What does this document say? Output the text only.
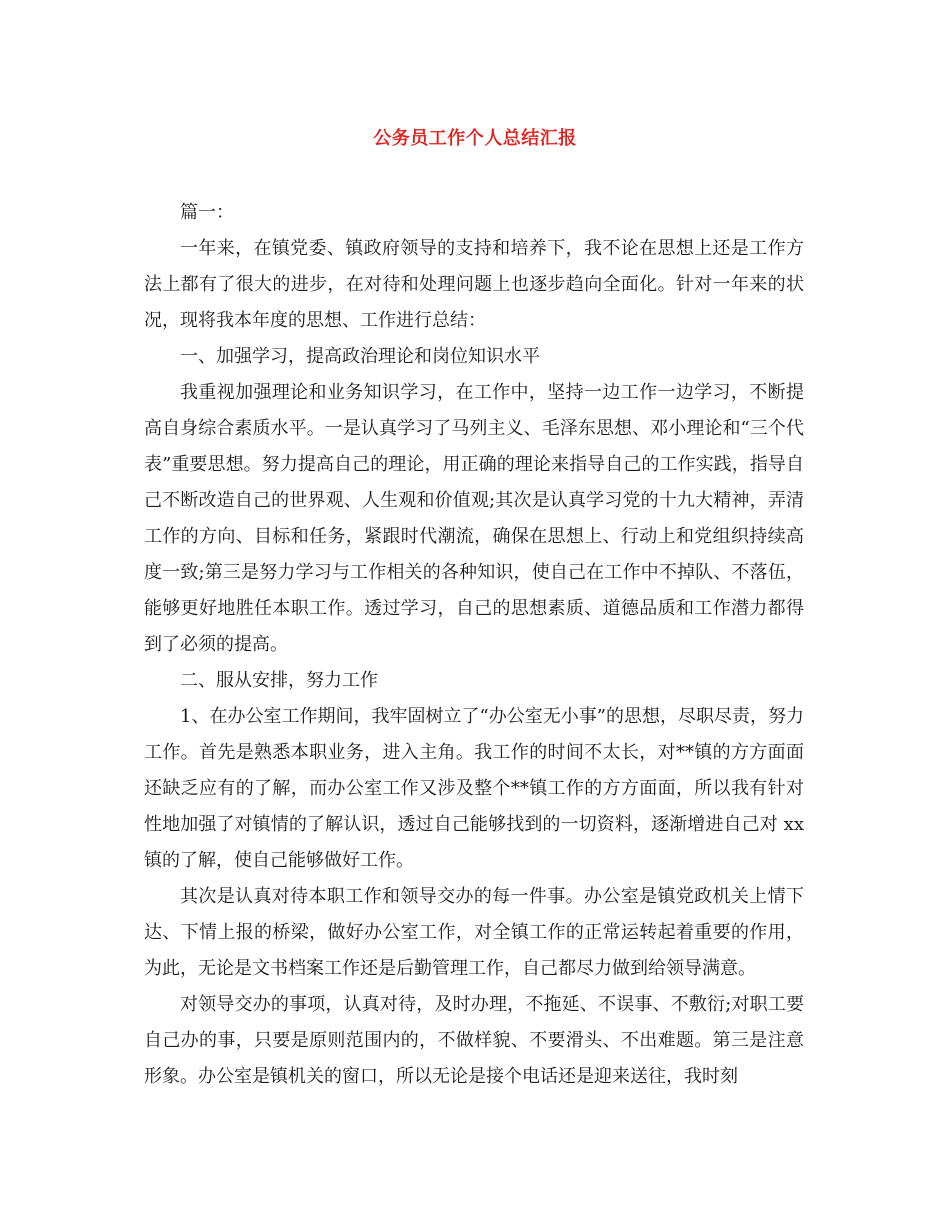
公务员工作个人总结汇报

篇一：

一年来，在镇党委、镇政府领导的支持和培养下，我不论在思想上还是工作方法上都有了很大的进步，在对待和处理问题上也逐步趋向全面化。针对一年来的状况，现将我本年度的思想、工作进行总结：

一、加强学习，提高政治理论和岗位知识水平

我重视加强理论和业务知识学习，在工作中，坚持一边工作一边学习，不断提高自身综合素质水平。一是认真学习了马列主义、毛泽东思想、邓小理论和“三个代表”重要思想。努力提高自己的理论，用正确的理论来指导自己的工作实践，指导自己不断改造自己的世界观、人生观和价值观;其次是认真学习党的十九大精神，弄清工作的方向、目标和任务，紧跟时代潮流，确保在思想上、行动上和党组织持续高度一致;第三是努力学习与工作相关的各种知识，使自己在工作中不掉队、不落伍，能够更好地胜任本职工作。透过学习，自己的思想素质、道德品质和工作潜力都得到了必须的提高。

二、服从安排，努力工作

1、在办公室工作期间，我牢固树立了“办公室无小事”的思想，尽职尽责，努力工作。首先是熟悉本职业务，进入主角。我工作的时间不太长，对**镇的方方面面还缺乏应有的了解，而办公室工作又涉及整个**镇工作的方方面面，所以我有针对性地加强了对镇情的了解认识，透过自己能够找到的一切资料，逐渐增进自己对 xx 镇的了解，使自己能够做好工作。

其次是认真对待本职工作和领导交办的每一件事。办公室是镇党政机关上情下达、下情上报的桥梁，做好办公室工作，对全镇工作的正常运转起着重要的作用，为此，无论是文书档案工作还是后勤管理工作，自己都尽力做到给领导满意。

对领导交办的事项，认真对待，及时办理，不拖延、不误事、不敷衍;对职工要自己办的事，只要是原则范围内的，不做样貌、不要滑头、不出难题。第三是注意形象。办公室是镇机关的窗口，所以无论是接个电话还是迎来送往，我时刻
